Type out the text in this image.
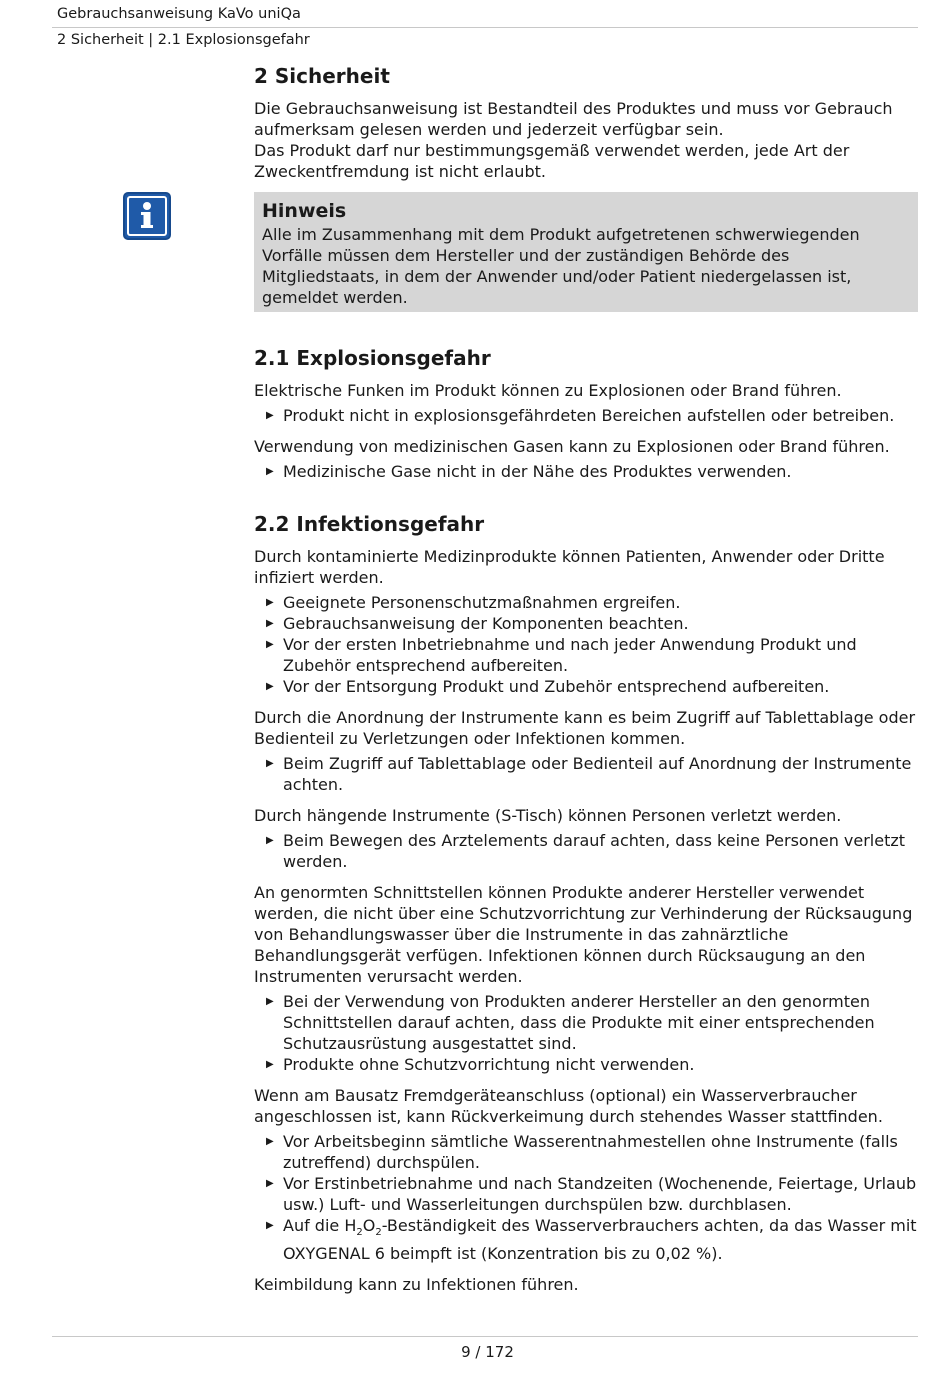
Gebrauchsanweisung KaVo uniQa
2 Sicherheit | 2.1 Explosionsgefahr
2 Sicherheit

Die Gebrauchsanweisung ist Bestandteil des Produktes und muss vor Gebrauch aufmerksam gelesen werden und jederzeit verfügbar sein.

Das Produkt darf nur bestimmungsgemäß verwendet werden, jede Art der Zweckentfremdung ist nicht erlaubt.

Hinweis

Alle im Zusammenhang mit dem Produkt aufgetretenen schwerwiegenden Vorfälle müssen dem Hersteller und der zuständigen Behörde des Mitgliedstaats, in dem der Anwender und/oder Patient niedergelassen ist, gemeldet werden.

2.1 Explosionsgefahr

Elektrische Funken im Produkt können zu Explosionen oder Brand führen.

▶ Produkt nicht in explosionsgefährdeten Bereichen aufstellen oder betreiben.

Verwendung von medizinischen Gasen kann zu Explosionen oder Brand führen.

▶ Medizinische Gase nicht in der Nähe des Produktes verwenden.
2.2 Infektionsgefahr

Durch kontaminierte Medizinprodukte können Patienten, Anwender oder Dritte infiziert werden.

▶ Geeignete Personenschutzmaßnahmen ergreifen.
▶ Gebrauchsanweisung der Komponenten beachten.
▶ Vor der ersten Inbetriebnahme und nach jeder Anwendung Produkt und Zubehör entsprechend aufbereiten.
▶ Vor der Entsorgung Produkt und Zubehör entsprechend aufbereiten.

Durch die Anordnung der Instrumente kann es beim Zugriff auf Tablettablage oder Bedienteil zu Verletzungen oder Infektionen kommen.

▶ Beim Zugriff auf Tablettablage oder Bedienteil auf Anordnung der Instrumente achten.

Durch hängende Instrumente (S-Tisch) können Personen verletzt werden.

▶ Beim Bewegen des Arztelements darauf achten, dass keine Personen verletzt werden.

An genormten Schnittstellen können Produkte anderer Hersteller verwendet werden, die nicht über eine Schutzvorrichtung zur Verhinderung der Rücksaugung von Behandlungswasser über die Instrumente in das zahnärztliche Behandlungsgerät verfügen. Infektionen können durch Rücksaugung an den Instrumenten verursacht werden.

▶ Bei der Verwendung von Produkten anderer Hersteller an den genormten Schnittstellen darauf achten, dass die Produkte mit einer entsprechenden Schutzausrüstung ausgestattet sind.
▶ Produkte ohne Schutzvorrichtung nicht verwenden.

Wenn am Bausatz Fremdgeräteanschluss (optional) ein Wasserverbraucher angeschlossen ist, kann Rückverkeimung durch stehendes Wasser stattfinden.

▶ Vor Arbeitsbeginn sämtliche Wasserentnahmestellen ohne Instrumente (falls zutreffend) durchspülen.
▶ Vor Erstinbetriebnahme und nach Standzeiten (Wochenende, Feiertage, Urlaub usw.) Luft- und Wasserleitungen durchspülen bzw. durchblasen.
▶ Auf die $H_2O_2$-Beständigkeit des Wasserverbrauchers achten, da das Wasser mit OXYGENAL 6 beimpft ist (Konzentration bis zu 0,02 %).

Keimbildung kann zu Infektionen führen.

9 / 172
